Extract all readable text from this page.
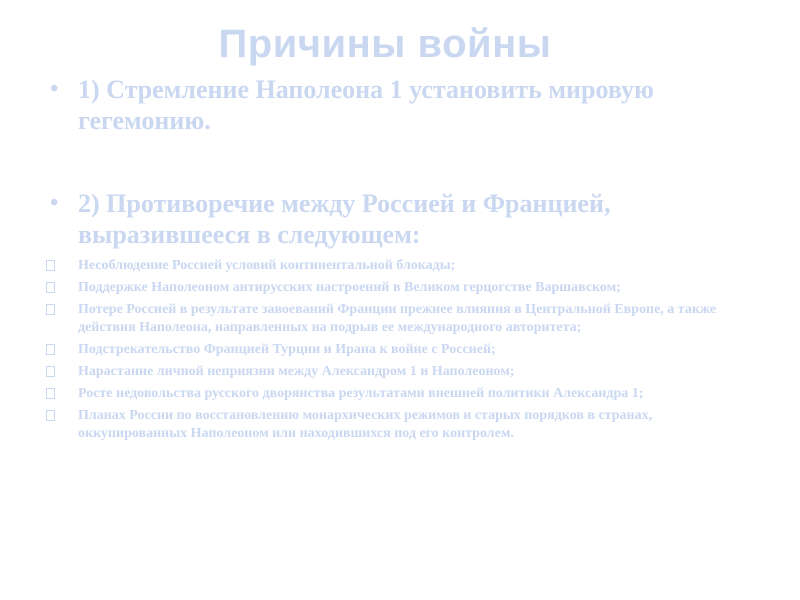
Причины войны
• 1) Стремление Наполеона 1 установить мировую гегемонию.
• 2) Противоречие между Россией и Францией, выразившееся в следующем:
Несоблюдение Россией условий континентальной блокады;
Поддержке Наполеоном антирусских настроений в Великом герцогстве Варшавском;
Потере Россией в результате завоеваний Франции прежнее влияния в Центральной Европе, а также действия Наполеона, направленных на подрыв ее международного авторитета;
Подстрекательство Францией Турции и Ирана к войне с Россией;
Нарастание личной неприязни между Александром 1 и Наполеоном;
Росте недовольства русского дворянства результатами внешней политики Александра 1;
Планах России по восстановлению монархических режимов и старых порядков в странах, оккупированных Наполеоном или находившихся под его контролем.
